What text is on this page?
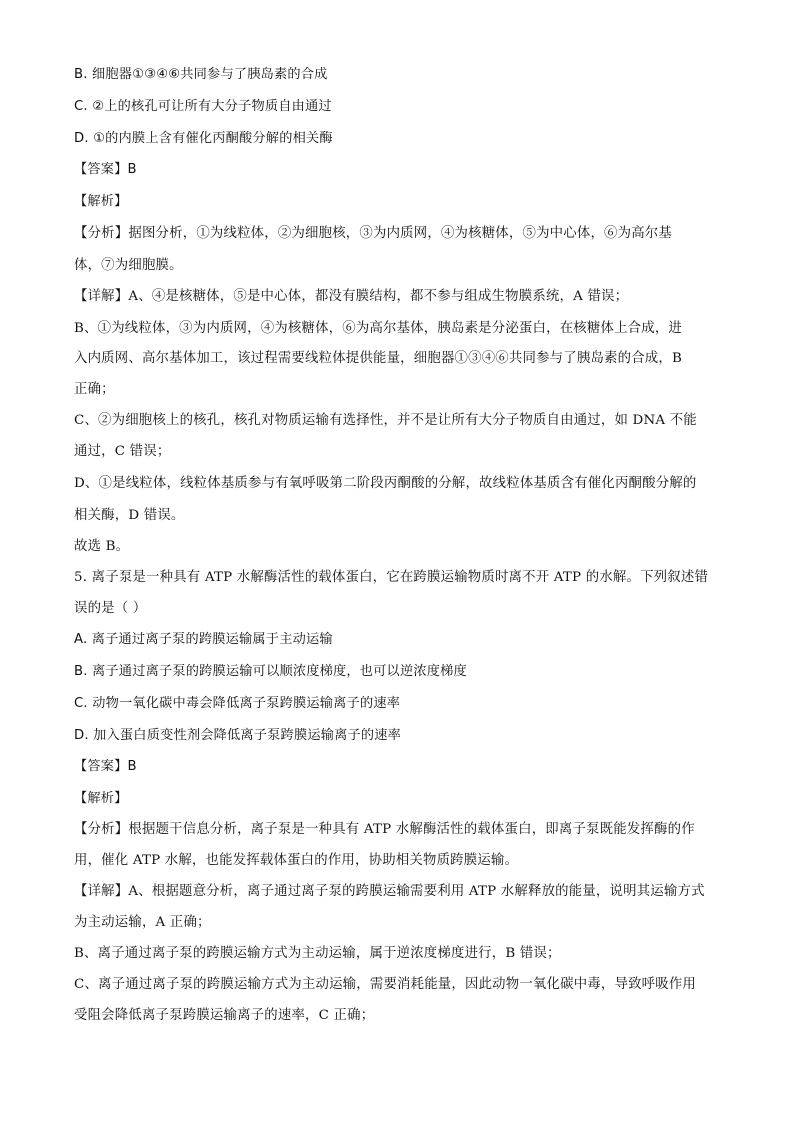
B. 细胞器①③④⑥共同参与了胰岛素的合成
C. ②上的核孔可让所有大分子物质自由通过
D. ①的内膜上含有催化丙酮酸分解的相关酶
【答案】B
【解析】
【分析】据图分析，①为线粒体，②为细胞核，③为内质网，④为核糖体，⑤为中心体，⑥为高尔基
体，⑦为细胞膜。
【详解】A、④是核糖体，⑤是中心体，都没有膜结构，都不参与组成生物膜系统，A 错误；
B、①为线粒体，③为内质网，④为核糖体，⑥为高尔基体，胰岛素是分泌蛋白，在核糖体上合成，进
入内质网、高尔基体加工，该过程需要线粒体提供能量，细胞器①③④⑥共同参与了胰岛素的合成，B
正确；
C、②为细胞核上的核孔，核孔对物质运输有选择性，并不是让所有大分子物质自由通过，如 DNA 不能
通过，C 错误；
D、①是线粒体，线粒体基质参与有氧呼吸第二阶段丙酮酸的分解，故线粒体基质含有催化丙酮酸分解的
相关酶，D 错误。
故选 B。
5. 离子泵是一种具有 ATP 水解酶活性的载体蛋白，它在跨膜运输物质时离不开 ATP 的水解。下列叙述错
误的是（ ）
A. 离子通过离子泵的跨膜运输属于主动运输
B. 离子通过离子泵的跨膜运输可以顺浓度梯度，也可以逆浓度梯度
C. 动物一氧化碳中毒会降低离子泵跨膜运输离子的速率
D. 加入蛋白质变性剂会降低离子泵跨膜运输离子的速率
【答案】B
【解析】
【分析】根据题干信息分析，离子泵是一种具有 ATP 水解酶活性的载体蛋白，即离子泵既能发挥酶的作
用，催化 ATP 水解，也能发挥载体蛋白的作用，协助相关物质跨膜运输。
【详解】A、根据题意分析，离子通过离子泵的跨膜运输需要利用 ATP 水解释放的能量，说明其运输方式
为主动运输，A 正确；
B、离子通过离子泵的跨膜运输方式为主动运输，属于逆浓度梯度进行，B 错误；
C、离子通过离子泵的跨膜运输方式为主动运输，需要消耗能量，因此动物一氧化碳中毒，导致呼吸作用
受阻会降低离子泵跨膜运输离子的速率，C 正确；
